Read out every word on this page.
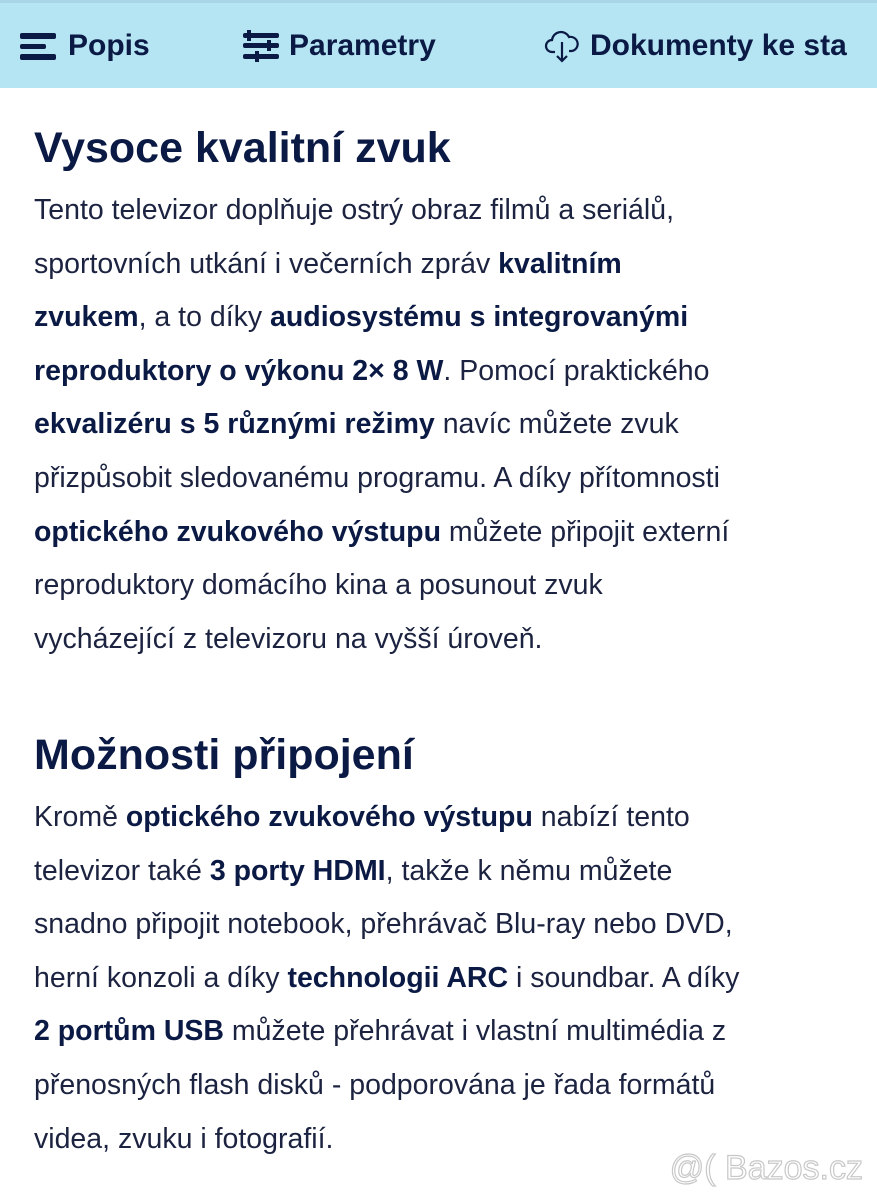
Popis	Parametry	Dokumenty ke sta
Vysoce kvalitní zvuk
Tento televizor doplňuje ostrý obraz filmů a seriálů,
sportovních utkání i večerních zpráv kvalitním
zvukem, a to díky audiosystému s integrovanými
reproduktory o výkonu 2× 8 W. Pomocí praktického
ekvalizéru s 5 různými režimy navíc můžete zvuk
přizpůsobit sledovanému programu. A díky přítomnosti
optického zvukového výstupu můžete připojit externí
reproduktory domácího kina a posunout zvuk
vycházející z televizoru na vyšší úroveň.
Možnosti připojení
Kromě optického zvukového výstupu nabízí tento
televizor také 3 porty HDMI, takže k němu můžete
snadno připojit notebook, přehrávač Blu-ray nebo DVD,
herní konzoli a díky technologii ARC i soundbar. A díky
2 portům USB můžete přehrávat i vlastní multimédia z
přenosných flash disků - podporována je řada formátů
videa, zvuku i fotografií.
@( Bazos.cz
